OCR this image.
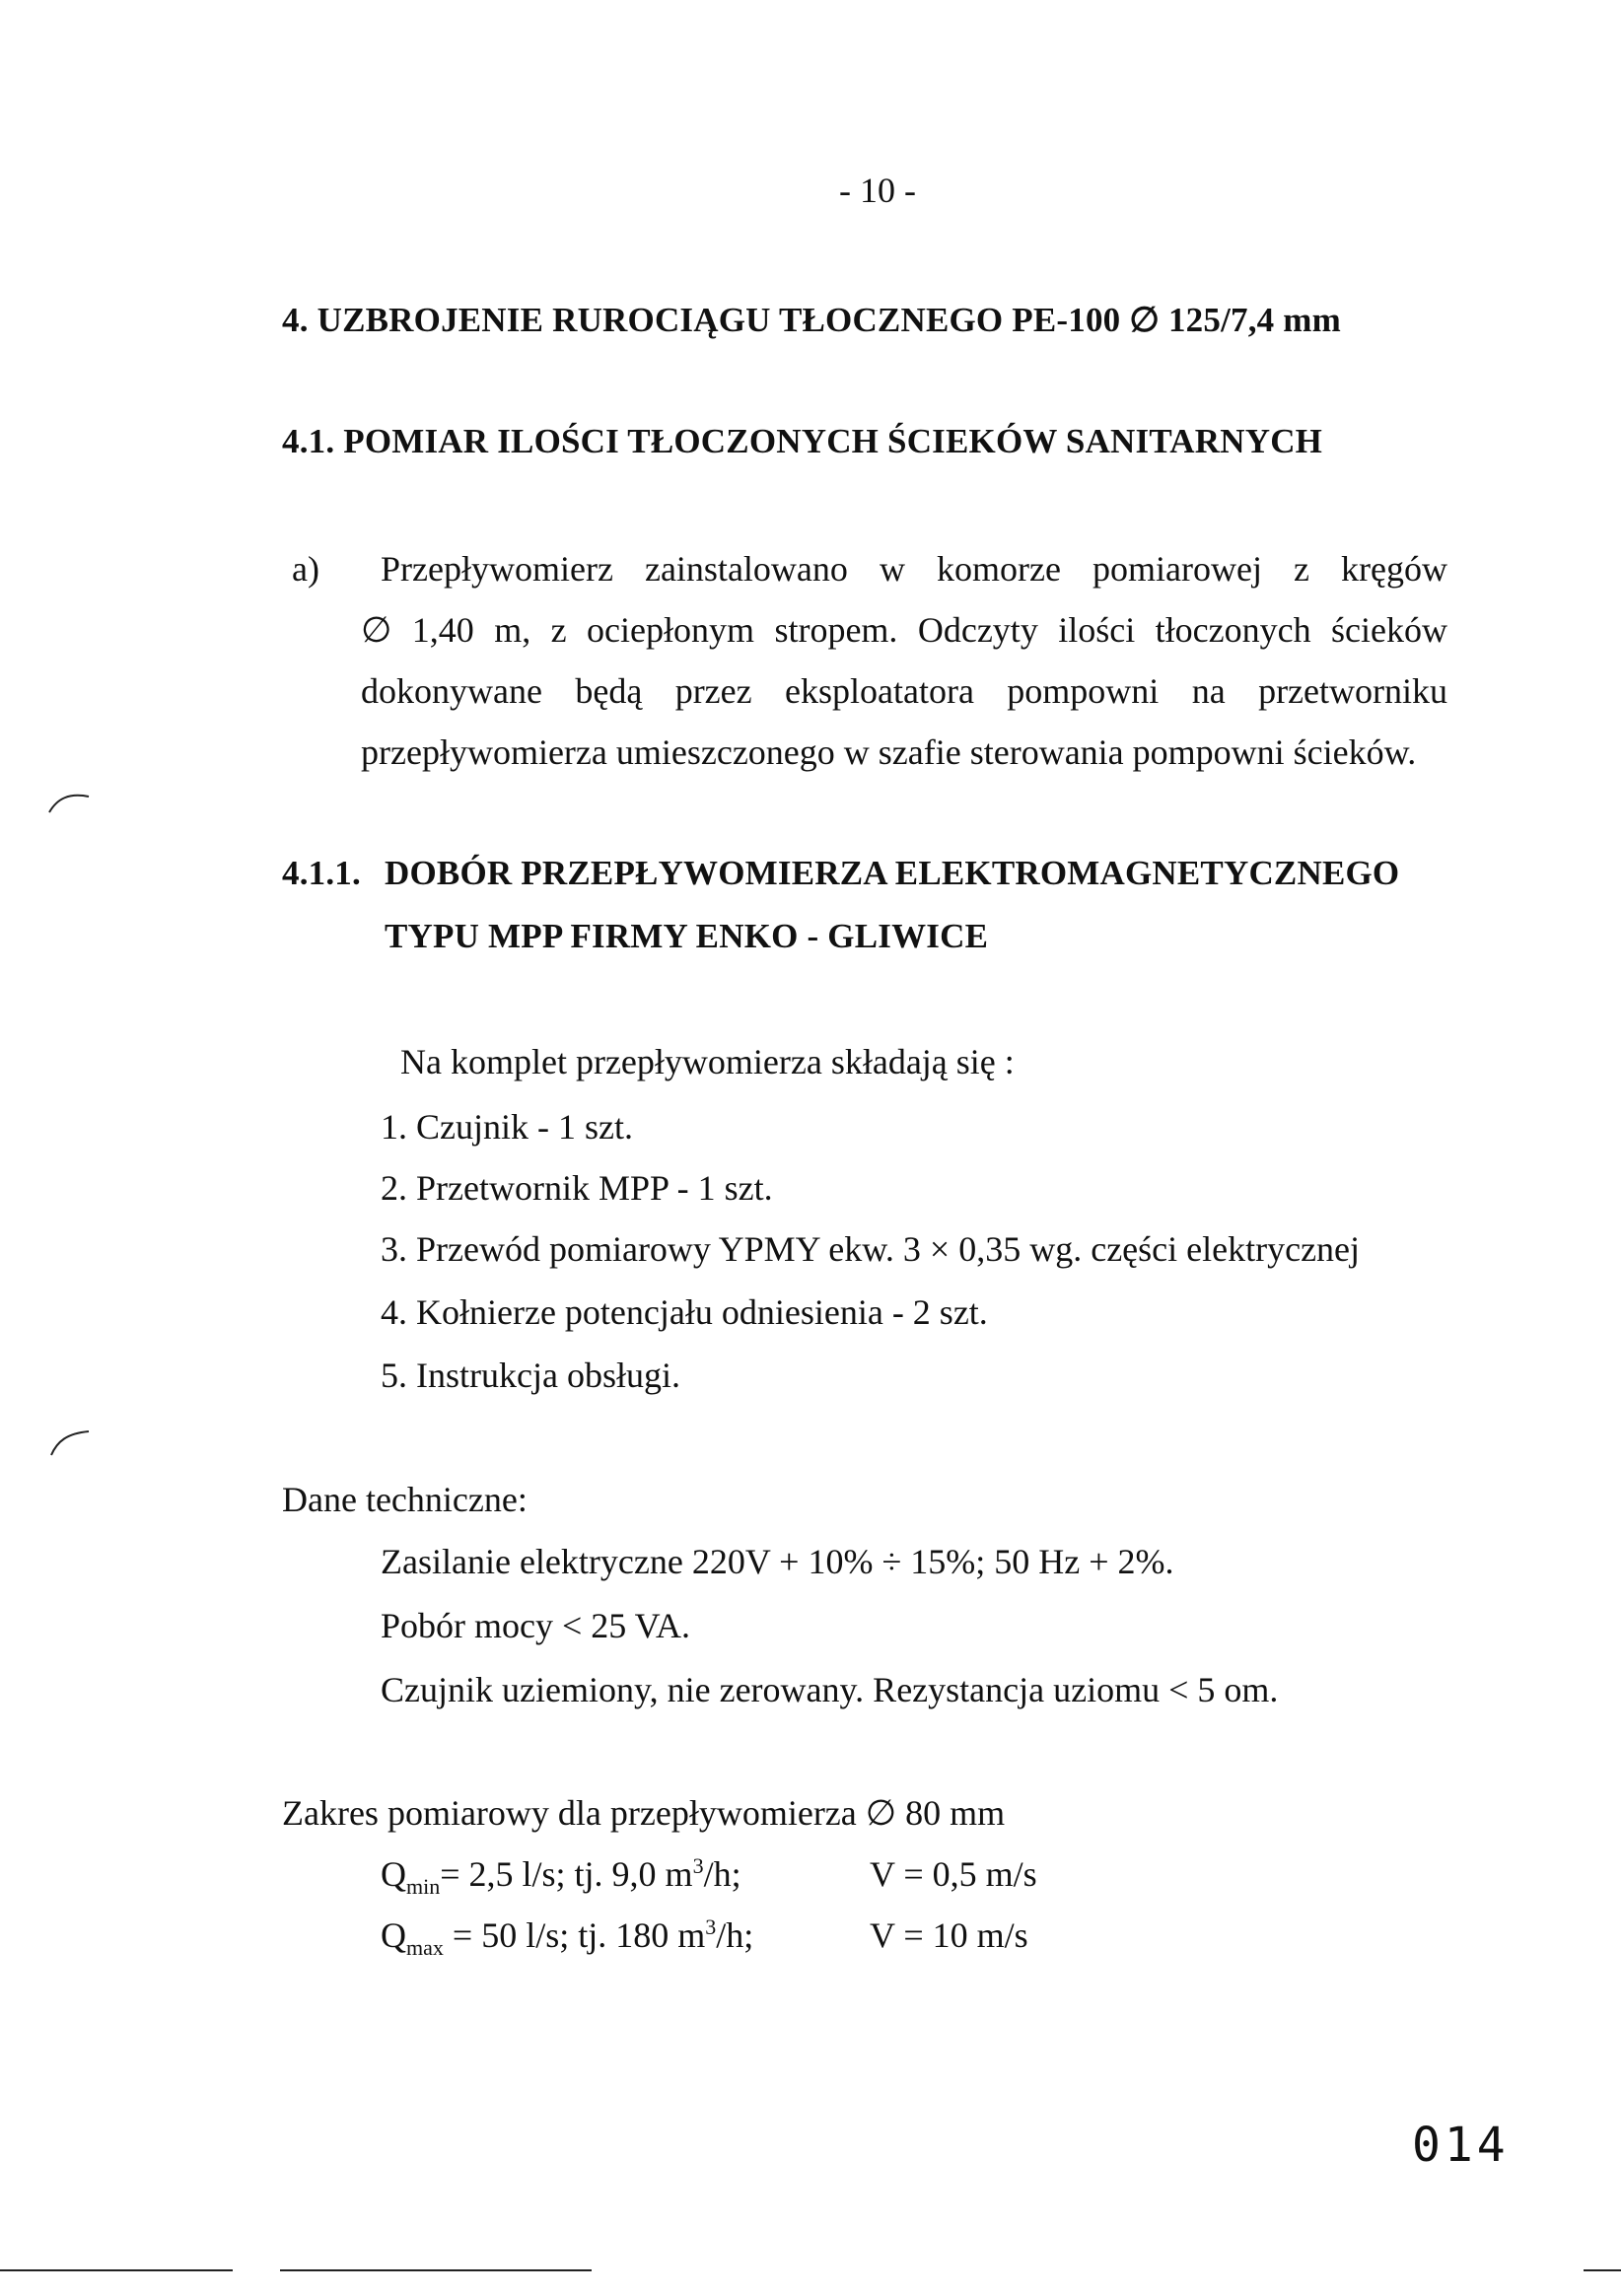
- 10 -
4. UZBROJENIE RUROCIĄGU TŁOCZNEGO PE-100 ∅ 125/7,4 mm
4.1. POMIAR ILOŚCI TŁOCZONYCH ŚCIEKÓW SANITARNYCH
a) Przepływomierz zainstalowano w komorze pomiarowej z kręgów
∅ 1,40 m, z ociepłonym stropem. Odczyty ilości tłoczonych ścieków
dokonywane będą przez eksploatatora pompowni na przetworniku
przepływomierza umieszczonego w szafie sterowania pompowni ścieków.
4.1.1. DOBÓR PRZEPŁYWOMIERZA ELEKTROMAGNETYCZNEGO
TYPU MPP FIRMY ENKO - GLIWICE
Na komplet przepływomierza składają się :
1. Czujnik - 1 szt.
2. Przetwornik MPP - 1 szt.
3. Przewód pomiarowy YPMY ekw. 3 × 0,35 wg. części elektrycznej
4. Kołnierze potencjału odniesienia - 2 szt.
5. Instrukcja obsługi.
Dane techniczne:
Zasilanie elektryczne 220V + 10% ÷ 15%; 50 Hz + 2%.
Pobór mocy < 25 VA.
Czujnik uziemiony, nie zerowany. Rezystancja uziomu < 5 om.
Zakres pomiarowy dla przepływomierza ∅ 80 mm
$Q_{min}= 2,5$ l/s; tj. 9,0 $m^3/h$;	V = 0,5 m/s
$Q_{max} = 50$ l/s; tj. 180 $m^3/h$;	V = 10 m/s
014
